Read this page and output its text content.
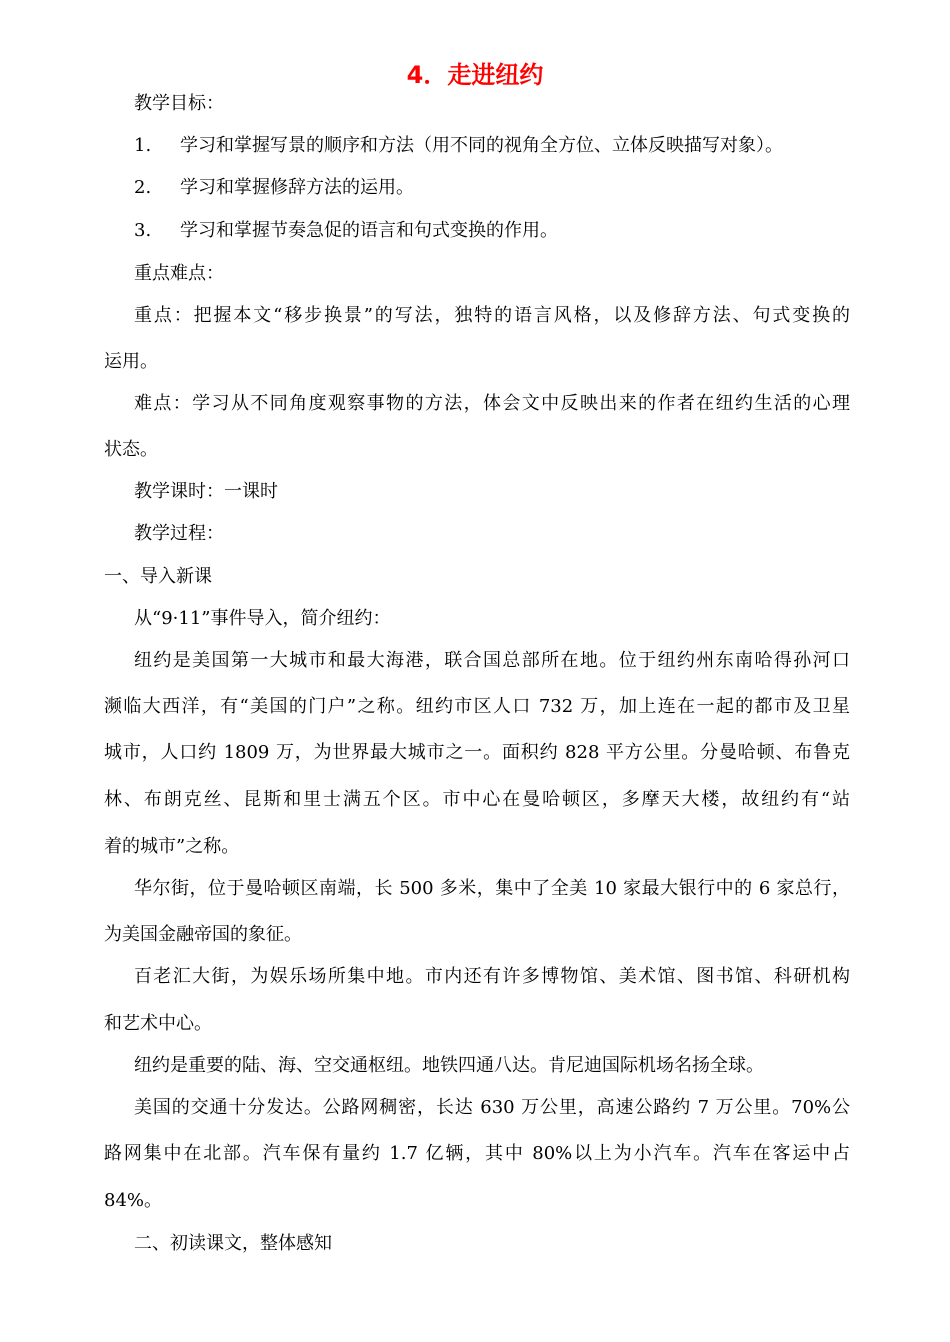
4．走进纽约
教学目标：
1. 学习和掌握写景的顺序和方法（用不同的视角全方位、立体反映描写对象）。
2. 学习和掌握修辞方法的运用。
3. 学习和掌握节奏急促的语言和句式变换的作用。
重点难点：
重点：把握本文“移步换景”的写法，独特的语言风格，以及修辞方法、句式变换的
运用。
难点：学习从不同角度观察事物的方法，体会文中反映出来的作者在纽约生活的心理
状态。
教学课时：一课时
教学过程：
一、导入新课
从“9·11”事件导入，简介纽约：
纽约是美国第一大城市和最大海港，联合国总部所在地。位于纽约州东南哈得孙河口
濒临大西洋，有“美国的门户”之称。纽约市区人口 732 万，加上连在一起的都市及卫星
城市，人口约 1809 万，为世界最大城市之一。面积约 828 平方公里。分曼哈顿、布鲁克
林、布朗克丝、昆斯和里士满五个区。市中心在曼哈顿区，多摩天大楼，故纽约有“站
着的城市”之称。
华尔街，位于曼哈顿区南端，长 500 多米，集中了全美 10 家最大银行中的 6 家总行，
为美国金融帝国的象征。
百老汇大街，为娱乐场所集中地。市内还有许多博物馆、美术馆、图书馆、科研机构
和艺术中心。
纽约是重要的陆、海、空交通枢纽。地铁四通八达。肯尼迪国际机场名扬全球。
美国的交通十分发达。公路网稠密，长达 630 万公里，高速公路约 7 万公里。70%公
路网集中在北部。汽车保有量约 1.7 亿辆，其中 80%以上为小汽车。汽车在客运中占
84%。
二、初读课文，整体感知
